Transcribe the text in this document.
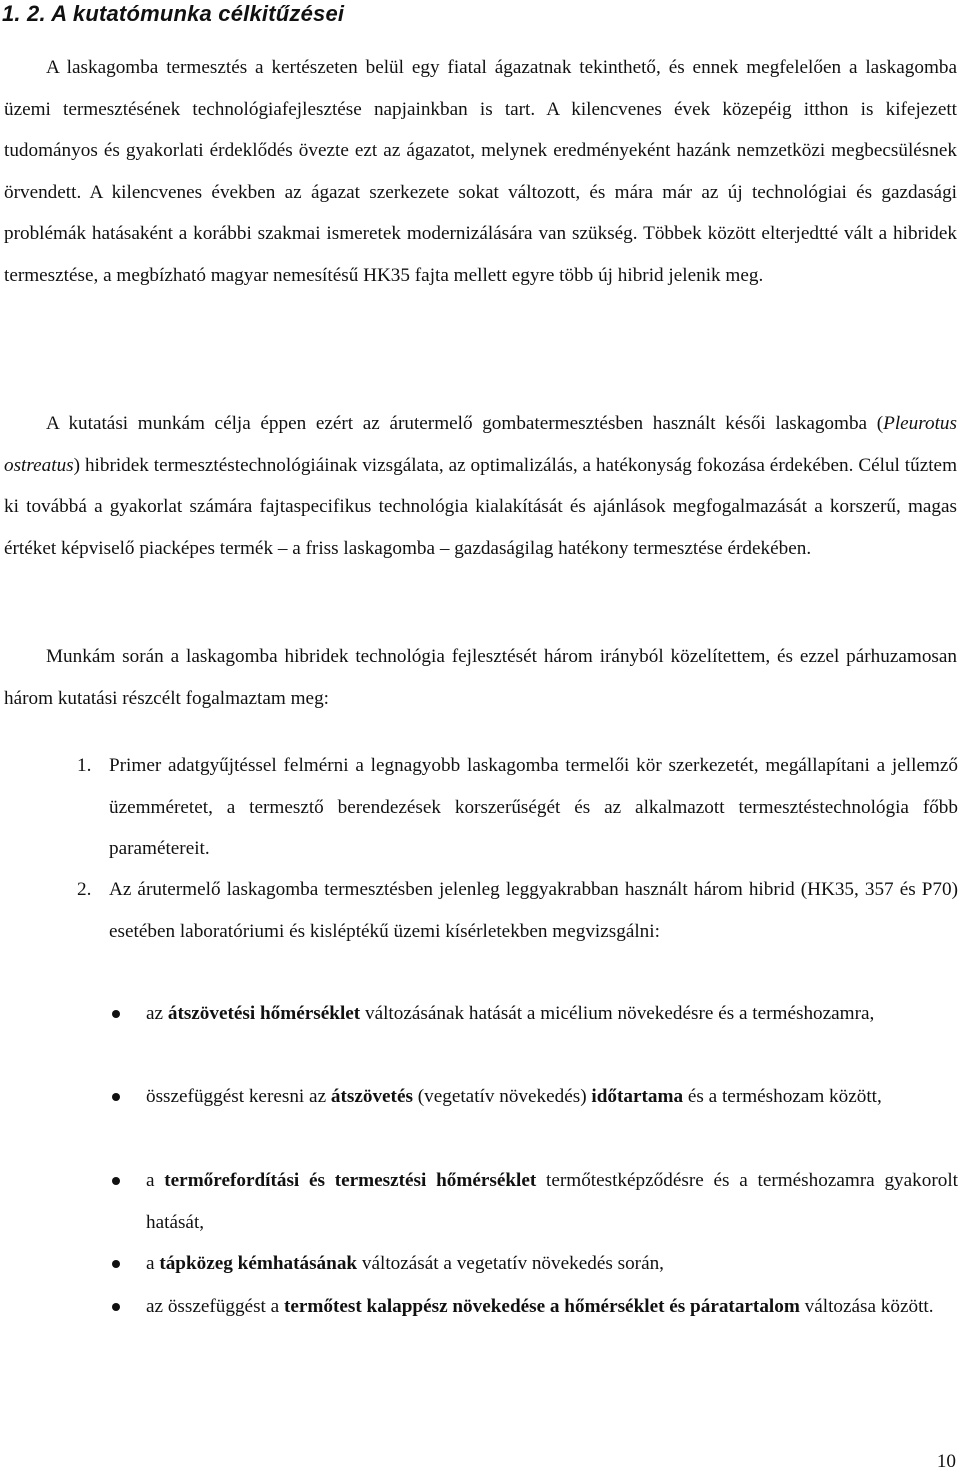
1. 2. A kutatómunka célkitűzései

A laskagomba termesztés a kertészeten belül egy fiatal ágazatnak tekinthető, és ennek megfelelően a laskagomba üzemi termesztésének technológiafejlesztése napjainkban is tart. A kilencvenes évek közepéig itthon is kifejezett tudományos és gyakorlati érdeklődés övezte ezt az ágazatot, melynek eredményeként hazánk nemzetközi megbecsülésnek örvendett. A kilencvenes években az ágazat szerkezete sokat változott, és mára már az új technológiai és gazdasági problémák hatásaként a korábbi szakmai ismeretek modernizálására van szükség. Többek között elterjedtté vált a hibridek termesztése, a megbízható magyar nemesítésű HK35 fajta mellett egyre több új hibrid jelenik meg.

A kutatási munkám célja éppen ezért az árutermelő gombatermesztésben használt késői laskagomba (Pleurotus ostreatus) hibridek termesztéstechnológiáinak vizsgálata, az optimalizálás, a hatékonyság fokozása érdekében. Célul tűztem ki továbbá a gyakorlat számára fajtaspecifikus technológia kialakítását és ajánlások megfogalmazását a korszerű, magas értéket képviselő piacképes termék – a friss laskagomba – gazdaságilag hatékony termesztése érdekében.

Munkám során a laskagomba hibridek technológia fejlesztését három irányból közelítettem, és ezzel párhuzamosan három kutatási részcélt fogalmaztam meg:

1. Primer adatgyűjtéssel felmérni a legnagyobb laskagomba termelői kör szerkezetét, megállapítani a jellemző üzemméretet, a termesztő berendezések korszerűségét és az alkalmazott termesztéstechnológia főbb paramétereit.
2. Az árutermelő laskagomba termesztésben jelenleg leggyakrabban használt három hibrid (HK35, 357 és P70) esetében laboratóriumi és kisléptékű üzemi kísérletekben megvizsgálni:
az átszövetési hőmérséklet változásának hatását a micélium növekedésre és a terméshozamra,
összefüggést keresni az átszövetés (vegetatív növekedés) időtartama és a terméshozam között,
a termőrefordítási és termesztési hőmérséklet termőtestképződésre és a terméshozamra gyakorolt hatását,
a tápközeg kémhatásának változását a vegetatív növekedés során,
az összefüggést a termőtest kalapрész növekedése a hőmérséklet és páratartalom változása között.
10
